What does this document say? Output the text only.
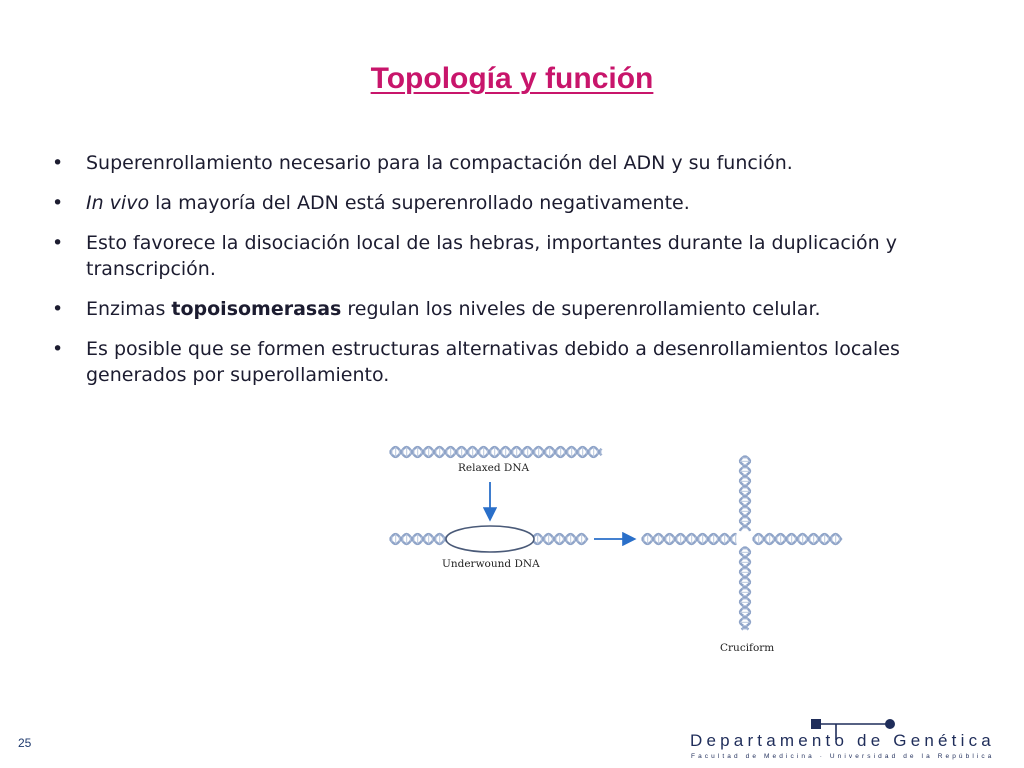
Topología y función
• Superenrollamiento necesario para la compactación del ADN y su función.
• In vivo la mayoría del ADN está superenrollado negativamente.
• Esto favorece la disociación local de las hebras, importantes durante la duplicación y transcripción.
• Enzimas topoisomerasas regulan los niveles de superenrollamiento celular.
• Es posible que se formen estructuras alternativas debido a desenrollamientos locales generados por superollamiento.
Relaxed DNA
Underwound DNA
Cruciform
25	Departamento de Genética
Facultad de Medicina · Universidad de la República
